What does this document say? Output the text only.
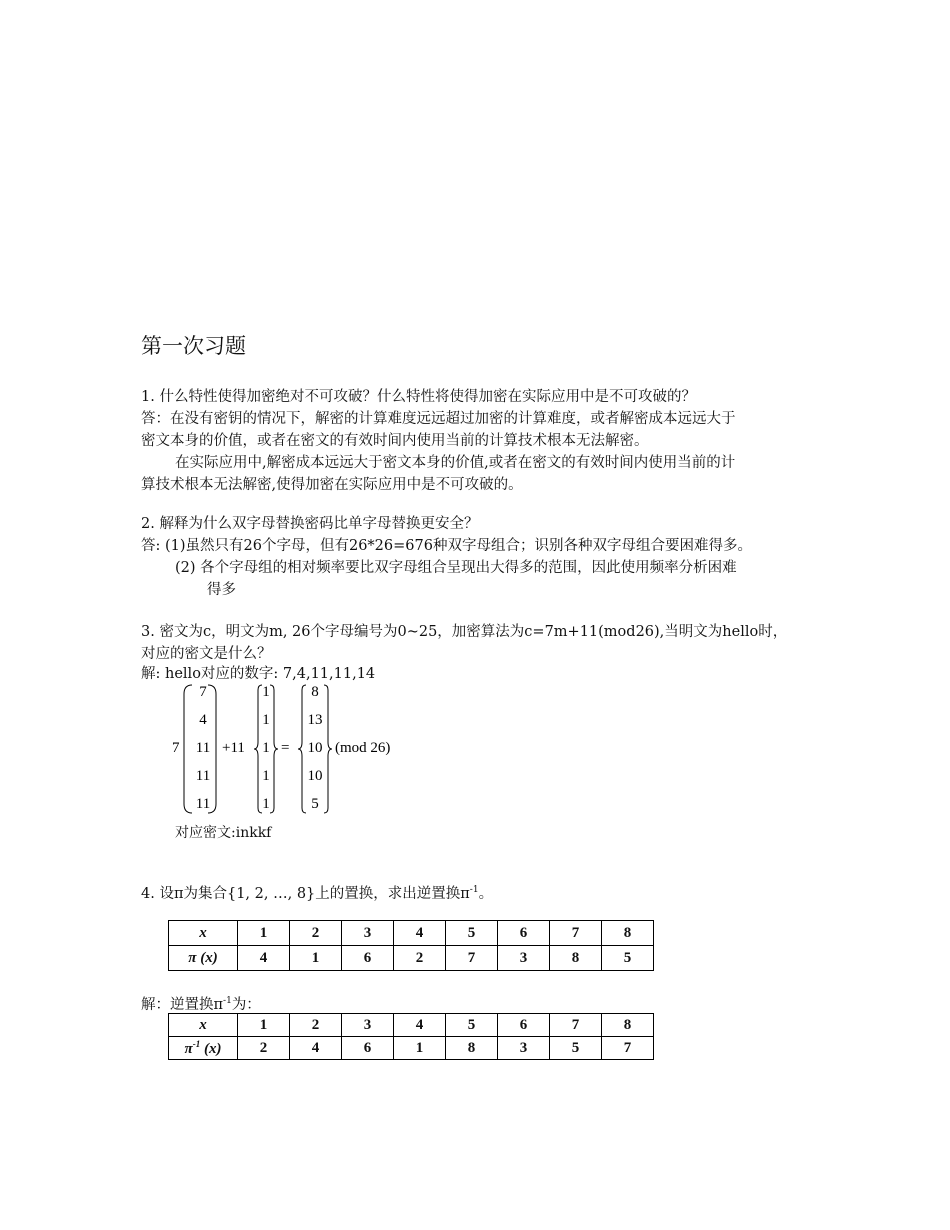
第一次习题
1. 什么特性使得加密绝对不可攻破？什么特性将使得加密在实际应用中是不可攻破的？
答：在没有密钥的情况下，解密的计算难度远远超过加密的计算难度，或者解密成本远远大于
密文本身的价值，或者在密文的有效时间内使用当前的计算技术根本无法解密。
在实际应用中,解密成本远远大于密文本身的价值,或者在密文的有效时间内使用当前的计
算技术根本无法解密,使得加密在实际应用中是不可攻破的。
2. 解释为什么双字母替换密码比单字母替换更安全？
答: (1)虽然只有26个字母，但有26*26=676种双字母组合；识别各种双字母组合要困难得多。
(2) 各个字母组的相对频率要比双字母组合呈现出大得多的范围，因此使用频率分析困难
得多
3. 密文为c，明文为m, 26个字母编号为0~25，加密算法为c=7m+11(mod26),当明文为hello时，
对应的密文是什么？
解: hello对应的数字: 7,4,11,11,14
7
7
4
11
11
11
+11
1
1
1
1
1
=
8
13
10
10
5
(mod 26)
对应密文:inkkf
4. 设π为集合{1, 2, …, 8}上的置换，求出逆置换$\pi^{-1}$。
x	1	2	3	4	5	6	7	8
π (x)	4	1	6	2	7	3	8	5
解：逆置换$\pi^{-1}$为：
x	1	2	3	4	5	6	7	8
$\pi^{-1}$ (x)	2	4	6	1	8	3	5	7
